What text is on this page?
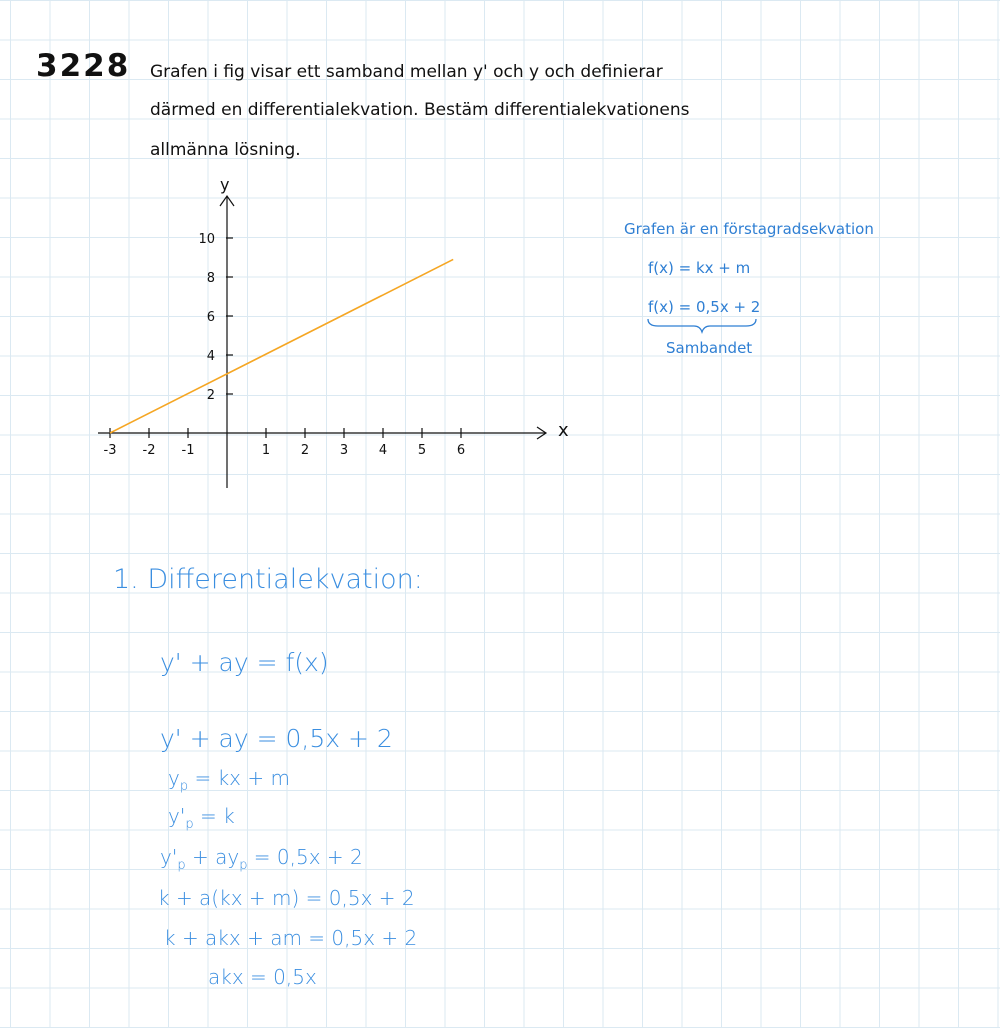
3228 Grafen i fig visar ett samband mellan y' och y och definierar
därmed en differentialekvation. Bestäm differentialekvationens
allmänna lösning.
-3 -2 -1	1 2 3 4 5 6
2
4
6
8
10
x
y
Grafen är en förstagradsekvation
f(x) = kx + m
f(x) = 0,5x + 2
Sambandet
1. Differentialekvation:
y' + ay = f(x)
y' + ay = 0,5x + 2
$y_p$ = kx + m
$y'_p = k$
$y'_p + ay_p = 0,5x + 2$
k + a(kx + m) = 0,5x + 2
k + akx + am = 0,5x + 2
akx = 0,5x
